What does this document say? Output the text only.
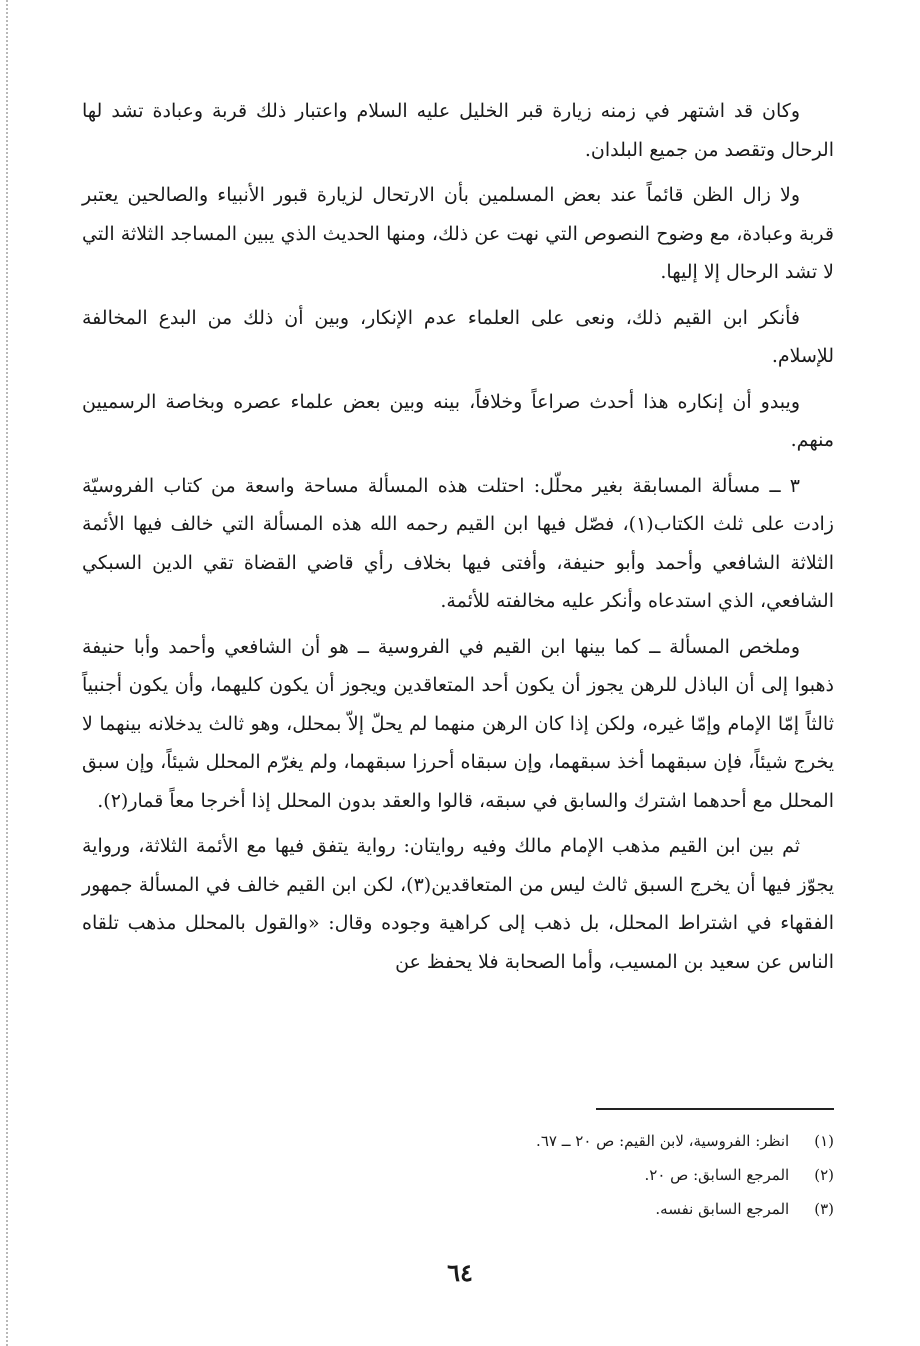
وكان قد اشتهر في زمنه زيارة قبر الخليل عليه السلام واعتبار ذلك قربة وعبادة تشد لها الرحال وتقصد من جميع البلدان.

ولا زال الظن قائماً عند بعض المسلمين بأن الارتحال لزيارة قبور الأنبياء والصالحين يعتبر قربة وعبادة، مع وضوح النصوص التي نهت عن ذلك، ومنها الحديث الذي يبين المساجد الثلاثة التي لا تشد الرحال إلا إليها.

فأنكر ابن القيم ذلك، ونعى على العلماء عدم الإنكار، وبين أن ذلك من البدع المخالفة للإسلام.

ويبدو أن إنكاره هذا أحدث صراعاً وخلافاً، بينه وبين بعض علماء عصره وبخاصة الرسميين منهم.

٣ ــ مسألة المسابقة بغير محلّل: احتلت هذه المسألة مساحة واسعة من كتاب الفروسيّة زادت على ثلث الكتاب(١)، فصّل فيها ابن القيم رحمه الله هذه المسألة التي خالف فيها الأئمة الثلاثة الشافعي وأحمد وأبو حنيفة، وأفتى فيها بخلاف رأي قاضي القضاة تقي الدين السبكي الشافعي، الذي استدعاه وأنكر عليه مخالفته للأئمة.

وملخص المسألة ــ كما بينها ابن القيم في الفروسية ــ هو أن الشافعي وأحمد وأبا حنيفة ذهبوا إلى أن الباذل للرهن يجوز أن يكون أحد المتعاقدين ويجوز أن يكون كليهما، وأن يكون أجنبياً ثالثاً إمّا الإمام وإمّا غيره، ولكن إذا كان الرهن منهما لم يحلّ إلاّ بمحلل، وهو ثالث يدخلانه بينهما لا يخرج شيئاً، فإن سبقهما أخذ سبقهما، وإن سبقاه أحرزا سبقهما، ولم يغرّم المحلل شيئاً، وإن سبق المحلل مع أحدهما اشترك والسابق في سبقه، قالوا والعقد بدون المحلل إذا أخرجا معاً قمار(٢).

ثم بين ابن القيم مذهب الإمام مالك وفيه روايتان: رواية يتفق فيها مع الأئمة الثلاثة، ورواية يجوّز فيها أن يخرج السبق ثالث ليس من المتعاقدين(٣)، لكن ابن القيم خالف في المسألة جمهور الفقهاء في اشتراط المحلل، بل ذهب إلى كراهية وجوده وقال: «والقول بالمحلل مذهب تلقاه الناس عن سعيد بن المسيب، وأما الصحابة فلا يحفظ عن

(١) انظر: الفروسية، لابن القيم: ص ٢٠ ــ ٦٧.
(٢) المرجع السابق: ص ٢٠.
(٣) المرجع السابق نفسه.
٦٤
